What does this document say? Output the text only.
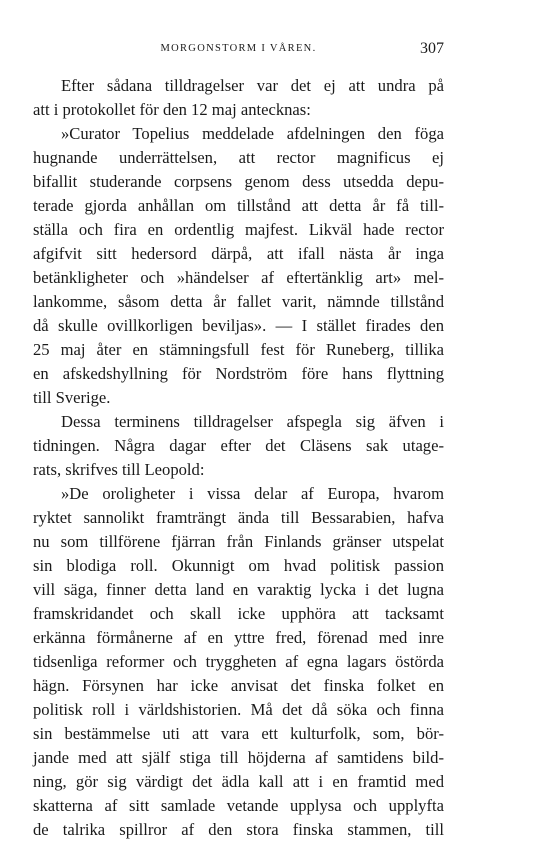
MORGONSTORM I VÅREN.	307
Efter sådana tilldragelser var det ej att undra på
att i protokollet för den 12 maj antecknas:
»Curator Topelius meddelade afdelningen den föga
hugnande underrättelsen, att rector magnificus ej
bifallit studerande corpsens genom dess utsedda depu-
terade gjorda anhållan om tillstånd att detta år få till-
ställa och fira en ordentlig majfest. Likväl hade rector
afgifvit sitt hedersord därpå, att ifall nästa år inga
betänkligheter och »händelser af eftertänklig art» mel-
lankomme, såsom detta år fallet varit, nämnde tillstånd
då skulle ovillkorligen beviljas». — I stället firades den
25 maj åter en stämningsfull fest för Runeberg, tillika
en afskedshyllning för Nordström före hans flyttning
till Sverige.
Dessa terminens tilldragelser afspegla sig äfven i
tidningen. Några dagar efter det Cläsens sak utage-
rats, skrifves till Leopold:
»De oroligheter i vissa delar af Europa, hvarom
ryktet sannolikt framträngt ända till Bessarabien, hafva
nu som tillförene fjärran från Finlands gränser utspelat
sin blodiga roll. Okunnigt om hvad politisk passion
vill säga, finner detta land en varaktig lycka i det lugna
framskridandet och skall icke upphöra att tacksamt
erkänna förmånerne af en yttre fred, förenad med inre
tidsenliga reformer och tryggheten af egna lagars östörda
hägn. Försynen har icke anvisat det finska folket en
politisk roll i världshistorien. Må det då söka och finna
sin bestämmelse uti att vara ett kulturfolk, som, bör-
jande med att själf stiga till höjderna af samtidens bild-
ning, gör sig värdigt det ädla kall att i en framtid med
skatterna af sitt samlade vetande upplysa och upplyfta
de talrika spillror af den stora finska stammen, till
